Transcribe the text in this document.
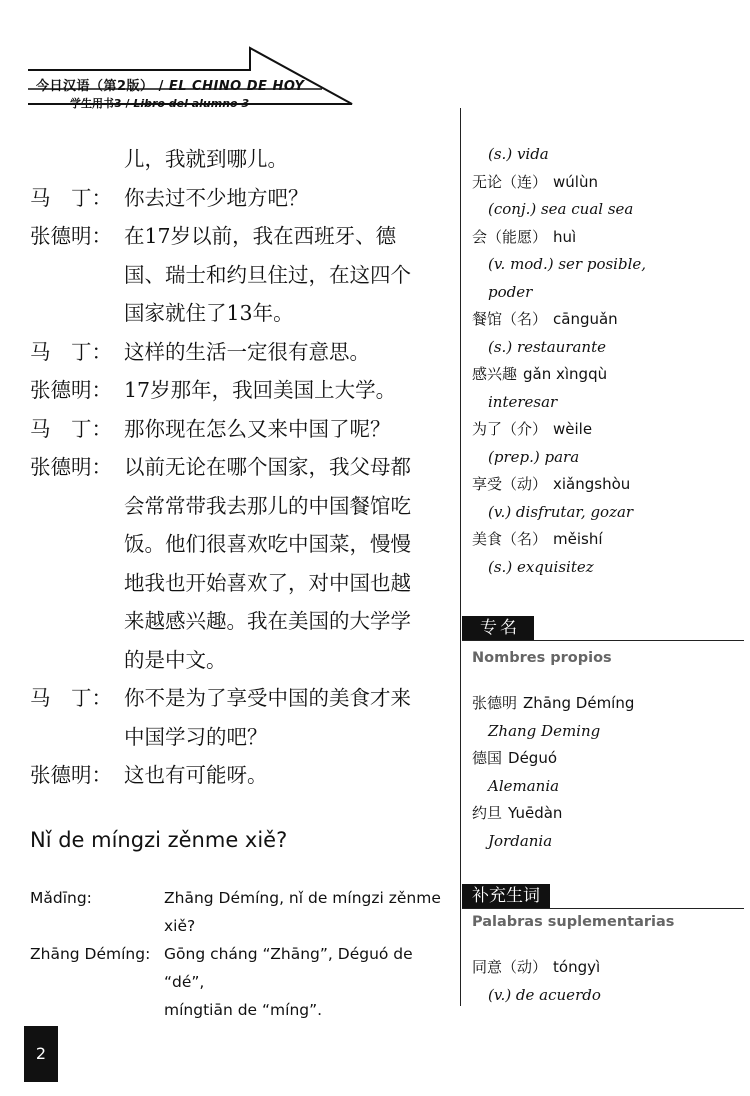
今日汉语（第2版） / EL CHINO DE HOY
学生用书3 / Libro del alumno 3
儿，我就到哪儿。
马　丁： 你去过不少地方吧？
张德明： 在17岁以前，我在西班牙、德
国、瑞士和约旦住过，在这四个
国家就住了13年。
马　丁： 这样的生活一定很有意思。
张德明： 17岁那年，我回美国上大学。
马　丁： 那你现在怎么又来中国了呢？
张德明： 以前无论在哪个国家，我父母都
会常常带我去那儿的中国餐馆吃
饭。他们很喜欢吃中国菜，慢慢
地我也开始喜欢了，对中国也越
来越感兴趣。我在美国的大学学
的是中文。
马　丁： 你不是为了享受中国的美食才来
中国学习的吧？
张德明： 这也有可能呀。
Nǐ de míngzi zěnme xiě?
Mǎdīng:	Zhāng Démíng, nǐ de míngzi zěnme
xiě?
Zhāng Démíng: Gōng cháng “Zhāng”, Déguó de “dé”,
míngtiān de “míng”.
(s.) vida
无论（连） wúlùn
(conj.) sea cual sea
会（能愿） huì
(v. mod.) ser posible,
poder
餐馆（名） cānguǎn
(s.) restaurante
感兴趣 gǎn xìngqù
interesar
为了（介） wèile
(prep.) para
享受（动） xiǎngshòu
(v.) disfrutar, gozar
美食（名） měishí
(s.) exquisitez
专名
Nombres propios
张德明 Zhāng Démíng
Zhang Deming
德国 Déguó
Alemania
约旦 Yuēdàn
Jordania
补充生词
Palabras suplementarias
同意（动） tóngyì
(v.) de acuerdo
2
